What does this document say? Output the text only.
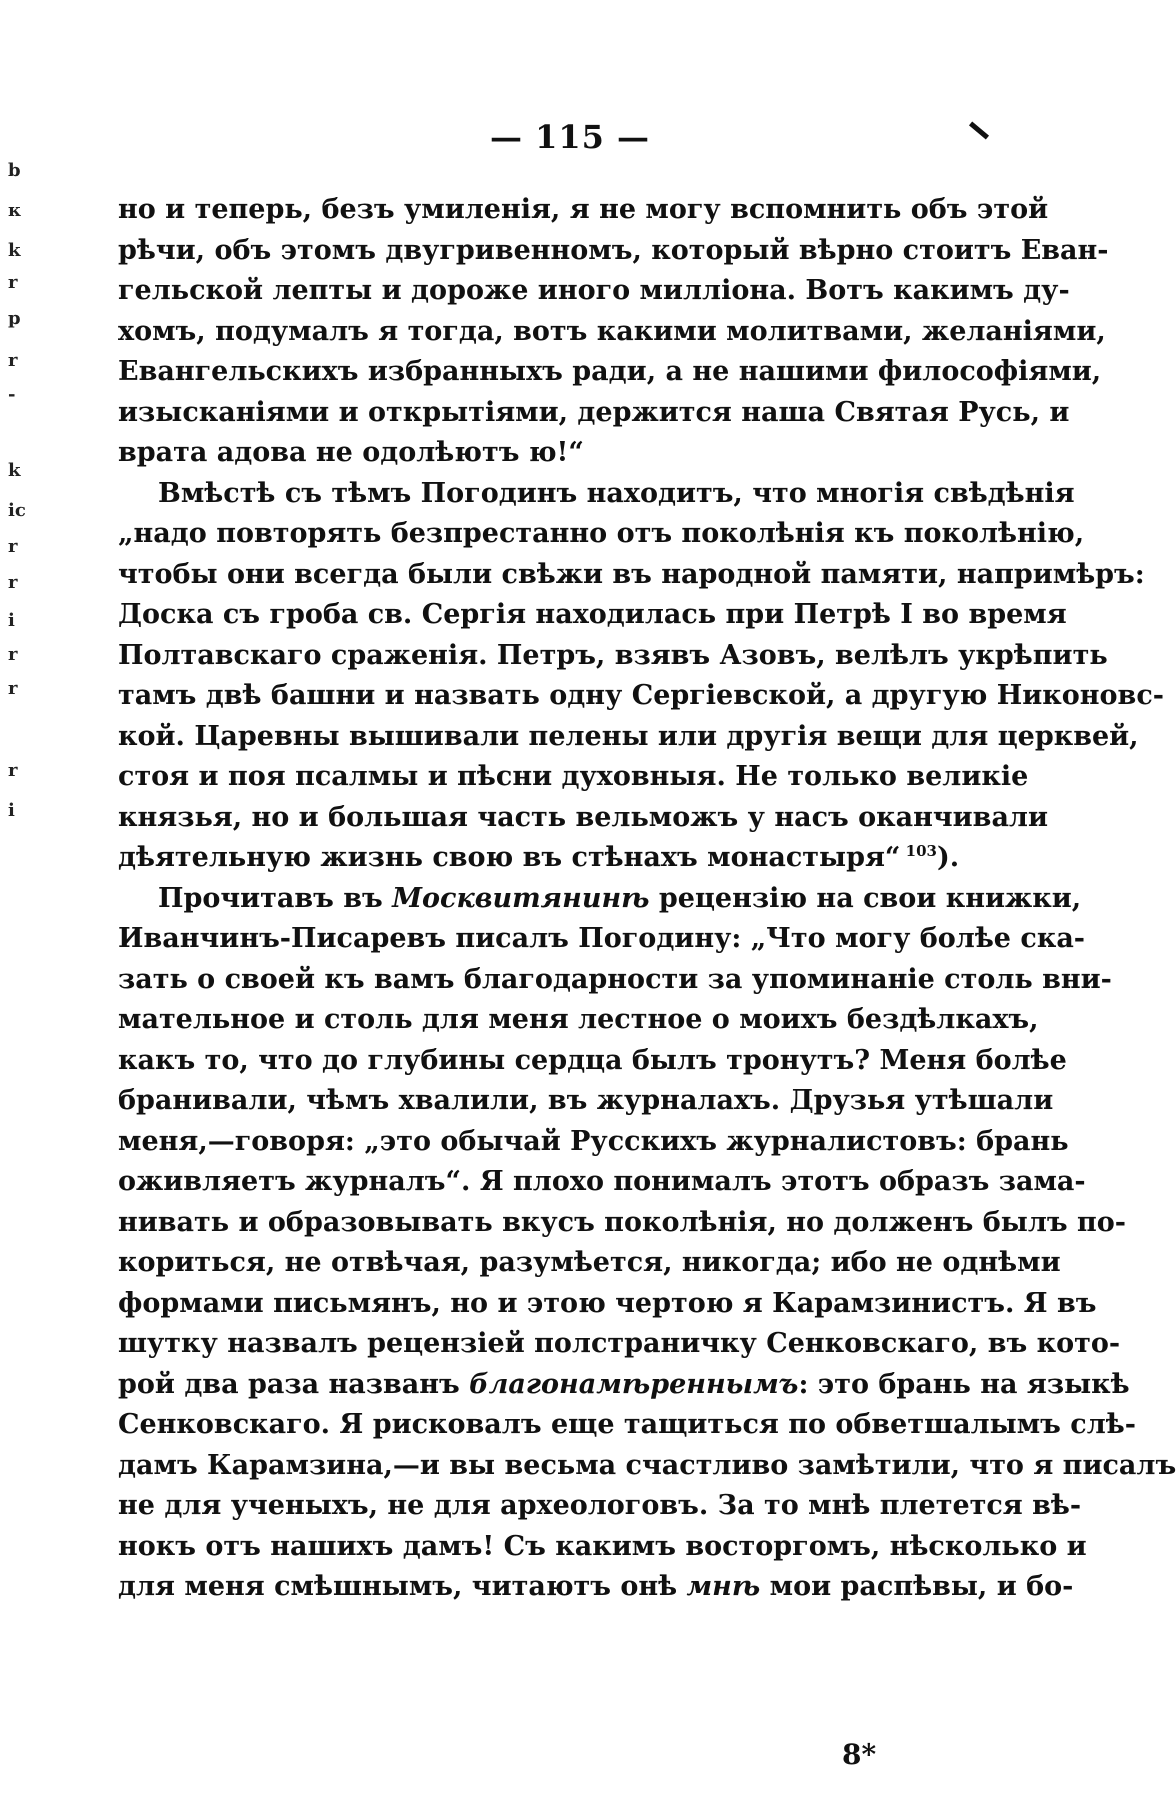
b
к
k
r
p
r
-
k
ic
r
r
i
r
r
r
i
— 115 —
но и теперь, безъ умиленія, я не могу вспомнить объ этой
рѣчи, объ этомъ двугривенномъ, который вѣрно стоитъ Еван-
гельской лепты и дороже иного милліона. Вотъ какимъ ду-
хомъ, подумалъ я тогда, вотъ какими молитвами, желаніями,
Евангельскихъ избранныхъ ради, а не нашими философіями,
изысканіями и открытіями, держится наша Святая Русь, и
врата адова не одолѣютъ ю!“
Вмѣстѣ съ тѣмъ Погодинъ находитъ, что многія свѣдѣнія
„надо повторять безпрестанно отъ поколѣнія къ поколѣнію,
чтобы они всегда были свѣжи въ народной памяти, напримѣръ:
Доска съ гроба св. Сергія находилась при Петрѣ I во время
Полтавскаго сраженія. Петръ, взявъ Азовъ, велѣлъ укрѣпить
тамъ двѣ башни и назвать одну Сергіевской, а другую Никоновс-
кой. Царевны вышивали пелены или другія вещи для церквей,
стоя и поя псалмы и пѣсни духовныя. Не только великіе
князья, но и большая часть вельможъ у насъ оканчивали
дѣятельную жизнь свою въ стѣнахъ монастыря“ $^{103}$).
Прочитавъ въ Москвитянинѣ рецензію на свои книжки,
Иванчинъ-Писаревъ писалъ Погодину: „Что могу болѣе ска-
зать о своей къ вамъ благодарности за упоминаніе столь вни-
мательное и столь для меня лестное о моихъ бездѣлкахъ,
какъ то, что до глубины сердца былъ тронутъ? Меня болѣе
бранивали, чѣмъ хвалили, въ журналахъ. Друзья утѣшали
меня,—говоря: „это обычай Русскихъ журналистовъ: брань
оживляетъ журналъ“. Я плохо понималъ этотъ образъ зама-
нивать и образовывать вкусъ поколѣнія, но долженъ былъ по-
кориться, не отвѣчая, разумѣется, никогда; ибо не однѣми
формами письмянъ, но и этою чертою я Карамзинистъ. Я въ
шутку назвалъ рецензіей полстраничку Сенковскаго, въ кото-
рой два раза названъ благонамѣреннымъ: это брань на языкѣ
Сенковскаго. Я рисковалъ еще тащиться по обветшалымъ слѣ-
дамъ Карамзина,—и вы весьма счастливо замѣтили, что я писалъ
не для ученыхъ, не для археологовъ. За то мнѣ плетется вѣ-
нокъ отъ нашихъ дамъ! Съ какимъ восторгомъ, нѣсколько и
для меня смѣшнымъ, читаютъ онѣ мнѣ мои распѣвы, и бо-
8*
